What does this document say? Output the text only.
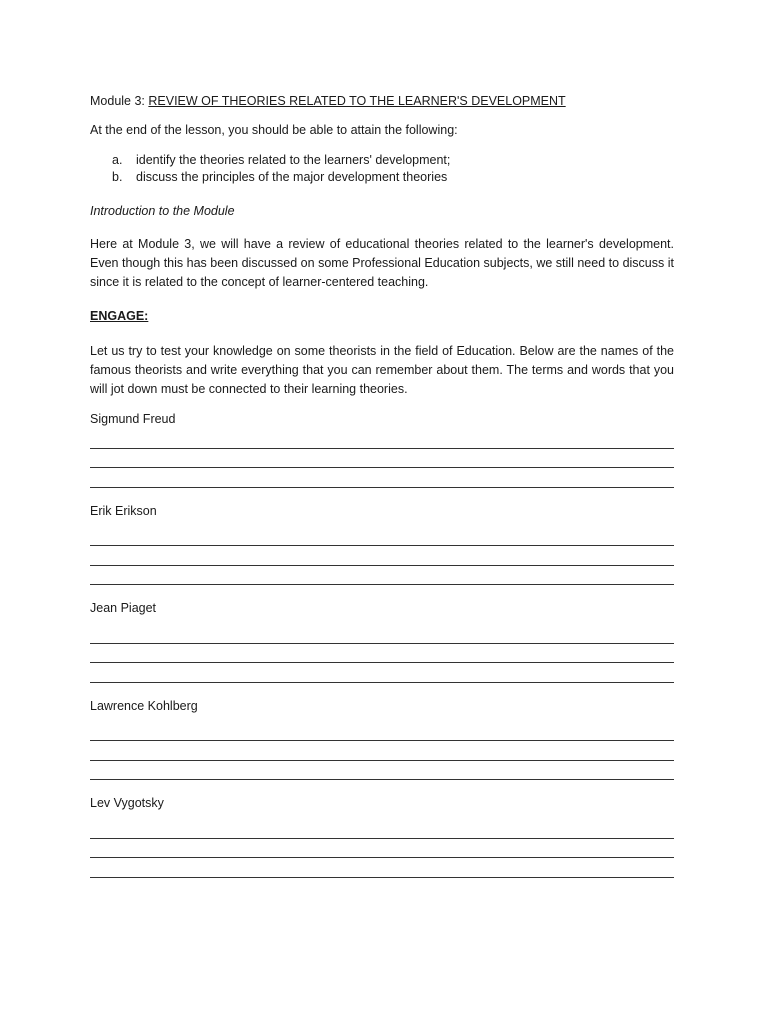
Module 3: REVIEW OF THEORIES RELATED TO THE LEARNER'S DEVELOPMENT

At the end of the lesson, you should be able to attain the following:

a.	identify the theories related to the learners' development;
b.	discuss the principles of the major development theories

Introduction to the Module

Here at Module 3, we will have a review of educational theories related to the learner's development. Even though this has been discussed on some Professional Education subjects, we still need to discuss it since it is related to the concept of learner-centered teaching.

ENGAGE:

Let us try to test your knowledge on some theorists in the field of Education. Below are the names of the famous theorists and write everything that you can remember about them. The terms and words that you will jot down must be connected to their learning theories.

Sigmund Freud

Erik Erikson

Jean Piaget

Lawrence Kohlberg

Lev Vygotsky
